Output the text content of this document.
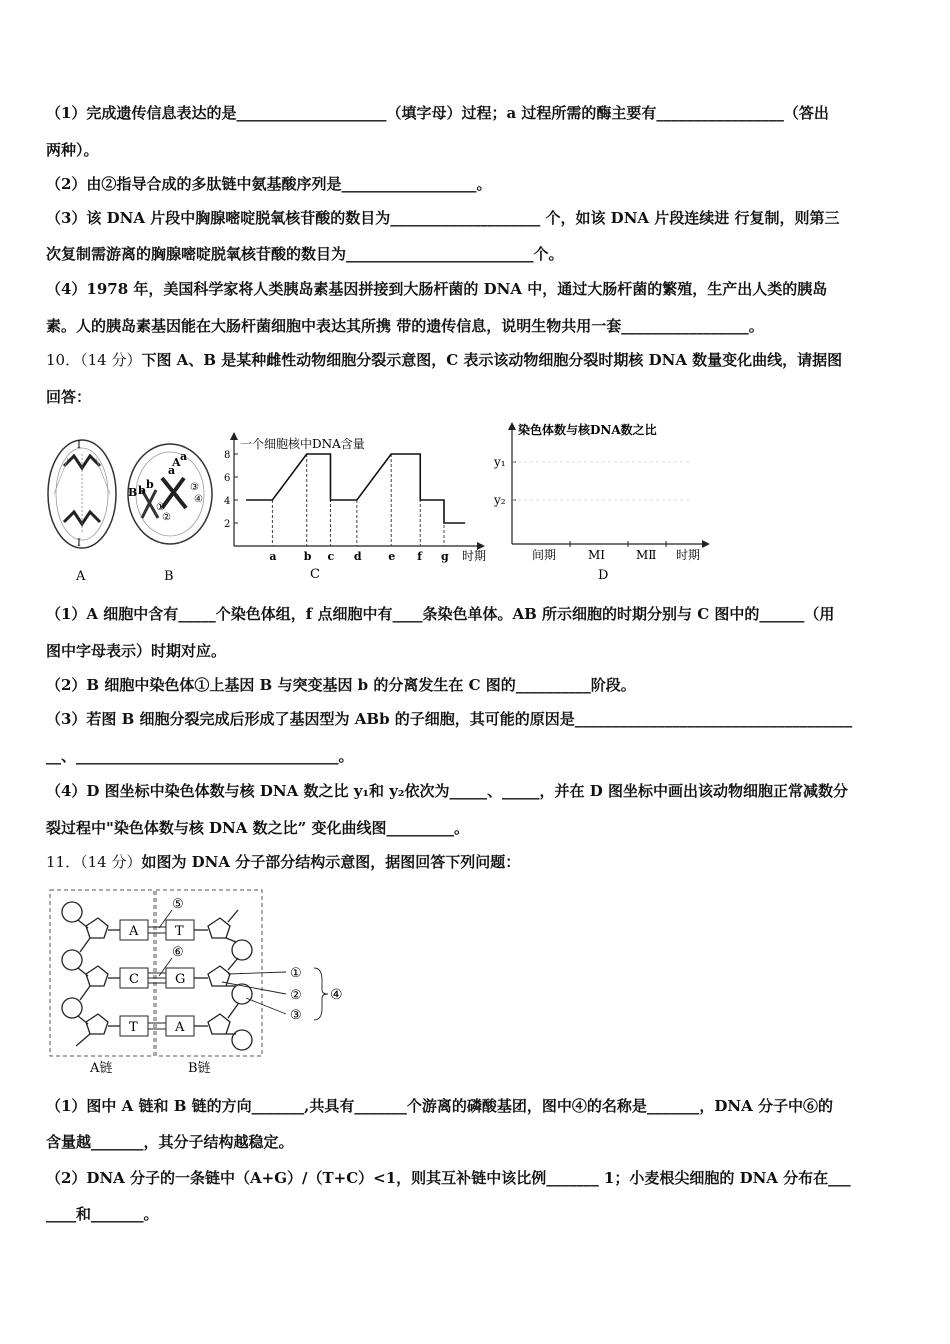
（1）完成遗传信息表达的是____________________（填字母）过程；a 过程所需的酶主要有_________________（答出
两种）。
（2）由②指导合成的多肽链中氨基酸序列是__________________。
（3）该 DNA 片段中胸腺嘧啶脱氧核苷酸的数目为____________________ 个，如该 DNA 片段连续进 行复制，则第三
次复制需游离的胸腺嘧啶脱氧核苷酸的数目为_________________________个。
（4）1978 年，美国科学家将人类胰岛素基因拼接到大肠杆菌的 DNA 中，通过大肠杆菌的繁殖，生产出人类的胰岛
素。人的胰岛素基因能在大肠杆菌细胞中表达其所携 带的遗传信息，说明生物共用一套_________________。
10．（14 分）下图 A、B 是某种雌性动物细胞分裂示意图，C 表示该动物细胞分裂时期核 DNA 数量变化曲线，请据图
回答：
I
I
A
A a
a
B b b
①
②
③
④
B
一个细胞核中DNA含量
时期
C
2
4
6
8
a b c d e f g
染色体数与核DNA数之比
y₁
y₂
间期	MⅠ	MⅡ 时期
D
（1）A 细胞中含有_____个染色体组，f 点细胞中有____条染色单体。AB 所示细胞的时期分别与 C 图中的______（用
图中字母表示）时期对应。
（2）B 细胞中染色体①上基因 B 与突变基因 b 的分离发生在 C 图的__________阶段。
（3）若图 B 细胞分裂完成后形成了基因型为 ABb 的子细胞，其可能的原因是_____________________________________
__、___________________________________。
（4）D 图坐标中染色体数与核 DNA 数之比 y₁和 y₂依次为_____、_____，并在 D 图坐标中画出该动物细胞正常减数分
裂过程中"染色体数与核 DNA 数之比” 变化曲线图_________。
11．（14 分）如图为 DNA 分子部分结构示意图，据图回答下列问题：
A
C
T
T
G
A
⑤
⑥
①
②
③
④
A链	B链
（1）图中 A 链和 B 链的方向_______,共具有_______个游离的磷酸基团，图中④的名称是_______，DNA 分子中⑥的
含量越_______，其分子结构越稳定。
（2）DNA 分子的一条链中（A+G）/（T+C）<1，则其互补链中该比例_______ 1；小麦根尖细胞的 DNA 分布在___
____和_______。
